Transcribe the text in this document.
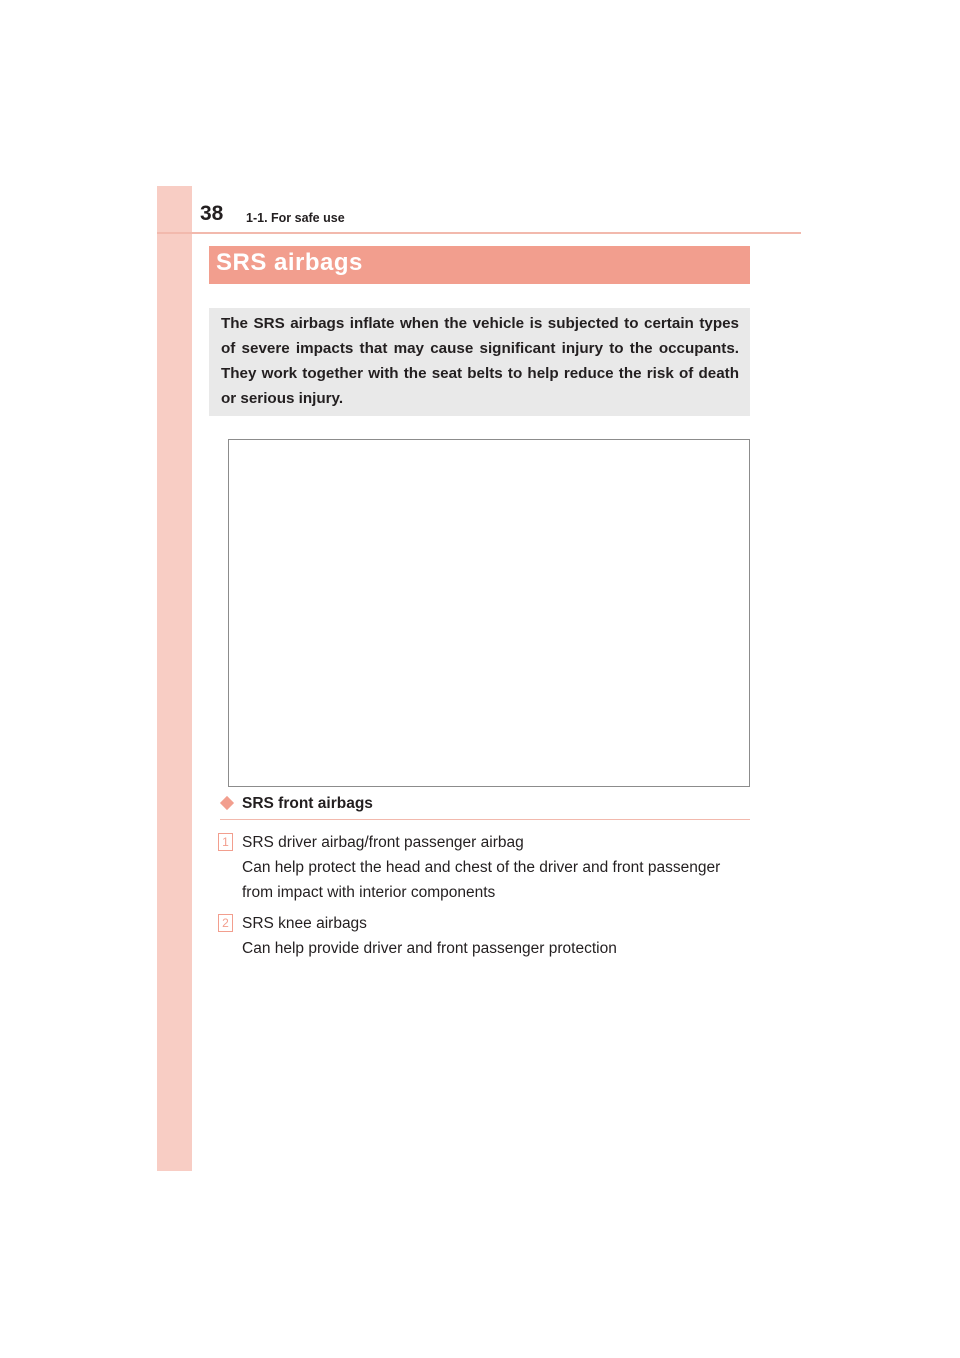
38 1-1. For safe use
SRS airbags
The SRS airbags inflate when the vehicle is subjected to certain types of severe impacts that may cause significant injury to the occupants. They work together with the seat belts to help reduce the risk of death or serious injury.
SRS front airbags
1 SRS driver airbag/front passenger airbag
Can help protect the head and chest of the driver and front passenger from impact with interior components
2 SRS knee airbags
Can help provide driver and front passenger protection
